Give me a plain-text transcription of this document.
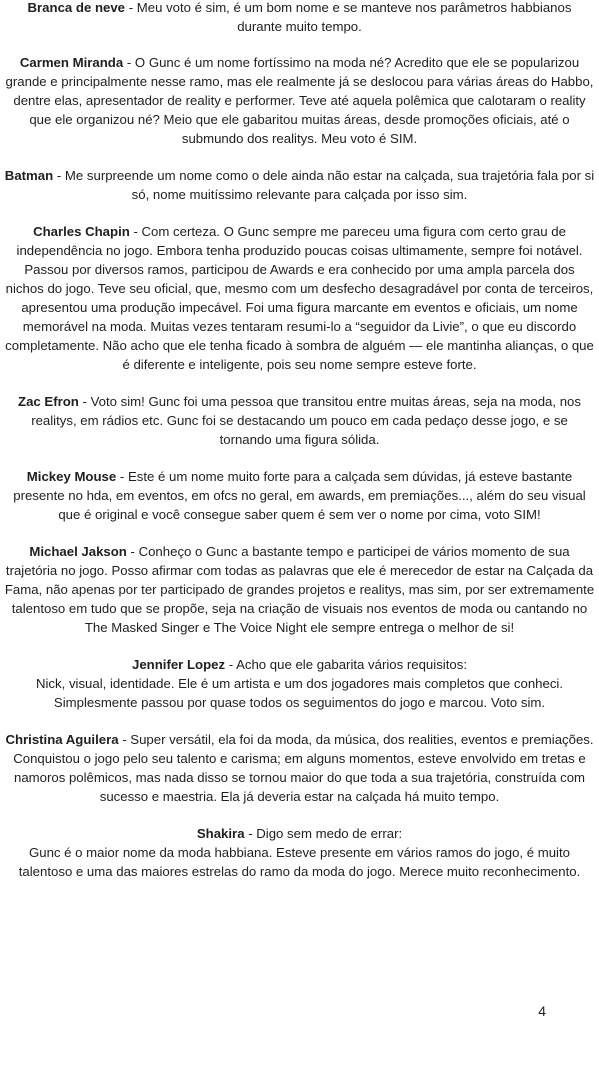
Branca de neve - Meu voto é sim, é um bom nome e se manteve nos parâmetros habbianos durante muito tempo.

Carmen Miranda - O Gunc é um nome fortíssimo na moda né? Acredito que ele se popularizou grande e principalmente nesse ramo, mas ele realmente já se deslocou para várias áreas do Habbo, dentre elas, apresentador de reality e performer. Teve até aquela polêmica que calotaram o reality que ele organizou né? Meio que ele gabaritou muitas áreas, desde promoções oficiais, até o submundo dos realitys. Meu voto é SIM.

Batman - Me surpreende um nome como o dele ainda não estar na calçada, sua trajetória fala por si só, nome muitíssimo relevante para calçada por isso sim.

Charles Chapin - Com certeza. O Gunc sempre me pareceu uma figura com certo grau de independência no jogo. Embora tenha produzido poucas coisas ultimamente, sempre foi notável. Passou por diversos ramos, participou de Awards e era conhecido por uma ampla parcela dos nichos do jogo. Teve seu oficial, que, mesmo com um desfecho desagradável por conta de terceiros, apresentou uma produção impecável. Foi uma figura marcante em eventos e oficiais, um nome memorável na moda. Muitas vezes tentaram resumi-lo a “seguidor da Livie”, o que eu discordo completamente. Não acho que ele tenha ficado à sombra de alguém — ele mantinha alianças, o que é diferente e inteligente, pois seu nome sempre esteve forte.

Zac Efron - Voto sim! Gunc foi uma pessoa que transitou entre muitas áreas, seja na moda, nos realitys, em rádios etc. Gunc foi se destacando um pouco em cada pedaço desse jogo, e se tornando uma figura sólida.

Mickey Mouse - Este é um nome muito forte para a calçada sem dúvidas, já esteve bastante presente no hda, em eventos, em ofcs no geral, em awards, em premiações..., além do seu visual que é original e você consegue saber quem é sem ver o nome por cima, voto SIM!

Michael Jakson - Conheço o Gunc a bastante tempo e participei de vários momento de sua trajetória no jogo. Posso afirmar com todas as palavras que ele é merecedor de estar na Calçada da Fama, não apenas por ter participado de grandes projetos e realitys, mas sim, por ser extremamente talentoso em tudo que se propõe, seja na criação de visuais nos eventos de moda ou cantando no The Masked Singer e The Voice Night ele sempre entrega o melhor de si!

Jennifer Lopez - Acho que ele gabarita vários requisitos:
Nick, visual, identidade. Ele é um artista e um dos jogadores mais completos que conheci. Simplesmente passou por quase todos os seguimentos do jogo e marcou. Voto sim.

Christina Aguilera - Super versátil, ela foi da moda, da música, dos realities, eventos e premiações. Conquistou o jogo pelo seu talento e carisma; em alguns momentos, esteve envolvido em tretas e namoros polêmicos, mas nada disso se tornou maior do que toda a sua trajetória, construída com sucesso e maestria. Ela já deveria estar na calçada há muito tempo.

Shakira - Digo sem medo de errar:
Gunc é o maior nome da moda habbiana. Esteve presente em vários ramos do jogo, é muito talentoso e uma das maiores estrelas do ramo da moda do jogo. Merece muito reconhecimento.

4
